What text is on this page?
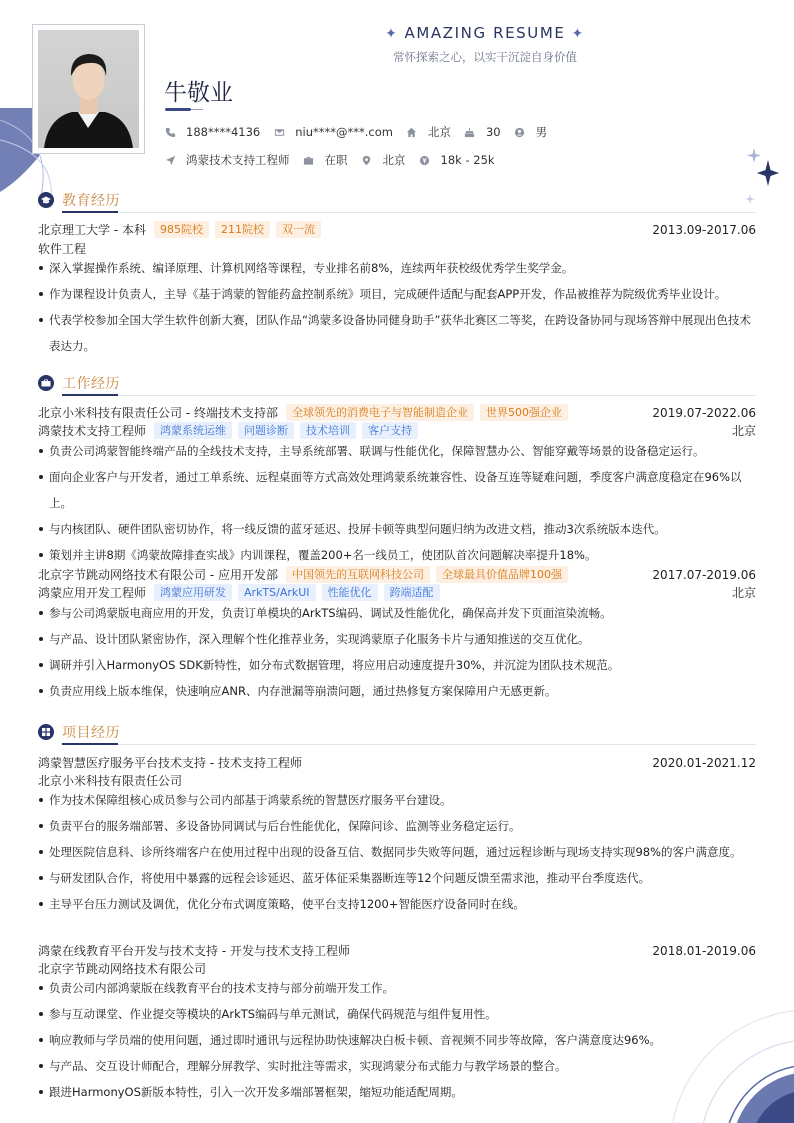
✦ AMAZING RESUME ✦
常怀探索之心，以实干沉淀自身价值
牛敬业
188****4136	niu****@***.com	北京	30	男
鸿蒙技术支持工程师	在职	北京	18k - 25k
教育经历
北京理工大学 - 本科	985院校	211院校	双一流	2013.09-2017.06
软件工程
深入掌握操作系统、编译原理、计算机网络等课程，专业排名前8%，连续两年获校级优秀学生奖学金。
作为课程设计负责人，主导《基于鸿蒙的智能药盒控制系统》项目，完成硬件适配与配套APP开发，作品被推荐为院级优秀毕业设计。
代表学校参加全国大学生软件创新大赛，团队作品“鸿蒙多设备协同健身助手”获华北赛区二等奖，在跨设备协同与现场答辩中展现出色技术表达力。
工作经历
北京小米科技有限责任公司 - 终端技术支持部	全球领先的消费电子与智能制造企业	世界500强企业	2019.07-2022.06
鸿蒙技术支持工程师	鸿蒙系统运维	问题诊断	技术培训	客户支持	北京
负责公司鸿蒙智能终端产品的全线技术支持，主导系统部署、联调与性能优化，保障智慧办公、智能穿戴等场景的设备稳定运行。
面向企业客户与开发者，通过工单系统、远程桌面等方式高效处理鸿蒙系统兼容性、设备互连等疑难问题，季度客户满意度稳定在96%以上。
与内核团队、硬件团队密切协作，将一线反馈的蓝牙延迟、投屏卡顿等典型问题归纳为改进文档，推动3次系统版本迭代。
策划并主讲8期《鸿蒙故障排查实战》内训课程，覆盖200+名一线员工，使团队首次问题解决率提升18%。
北京字节跳动网络技术有限公司 - 应用开发部	中国领先的互联网科技公司	全球最具价值品牌100强	2017.07-2019.06
鸿蒙应用开发工程师	鸿蒙应用研发	ArkTS/ArkUI	性能优化	跨端适配	北京
参与公司鸿蒙版电商应用的开发，负责订单模块的ArkTS编码、调试及性能优化，确保高并发下页面渲染流畅。
与产品、设计团队紧密协作，深入理解个性化推荐业务，实现鸿蒙原子化服务卡片与通知推送的交互优化。
调研并引入HarmonyOS SDK新特性，如分布式数据管理，将应用启动速度提升30%，并沉淀为团队技术规范。
负责应用线上版本维保，快速响应ANR、内存泄漏等崩溃问题，通过热修复方案保障用户无感更新。
项目经历
鸿蒙智慧医疗服务平台技术支持 - 技术支持工程师	2020.01-2021.12
北京小米科技有限责任公司
作为技术保障组核心成员参与公司内部基于鸿蒙系统的智慧医疗服务平台建设。
负责平台的服务端部署、多设备协同调试与后台性能优化，保障问诊、监测等业务稳定运行。
处理医院信息科、诊所终端客户在使用过程中出现的设备互信、数据同步失败等问题，通过远程诊断与现场支持实现98%的客户满意度。
与研发团队合作，将使用中暴露的远程会诊延迟、蓝牙体征采集器断连等12个问题反馈至需求池，推动平台季度迭代。
主导平台压力测试及调优，优化分布式调度策略，使平台支持1200+智能医疗设备同时在线。
鸿蒙在线教育平台开发与技术支持 - 开发与技术支持工程师	2018.01-2019.06
北京字节跳动网络技术有限公司
负责公司内部鸿蒙版在线教育平台的技术支持与部分前端开发工作。
参与互动课堂、作业提交等模块的ArkTS编码与单元测试，确保代码规范与组件复用性。
响应教师与学员端的使用问题，通过即时通讯与远程协助快速解决白板卡顿、音视频不同步等故障，客户满意度达96%。
与产品、交互设计师配合，理解分屏教学、实时批注等需求，实现鸿蒙分布式能力与教学场景的整合。
跟进HarmonyOS新版本特性，引入一次开发多端部署框架，缩短功能适配周期。
